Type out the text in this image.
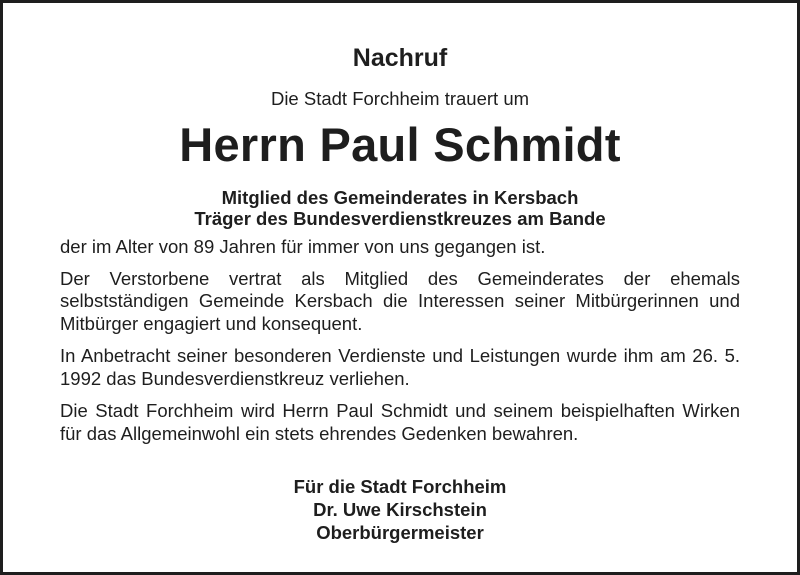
Nachruf
Die Stadt Forchheim trauert um
Herrn Paul Schmidt
Mitglied des Gemeinderates in Kersbach
Träger des Bundesverdienstkreuzes am Bande

der im Alter von 89 Jahren für immer von uns gegangen ist.

Der Verstorbene vertrat als Mitglied des Gemeinderates der ehemals selbstständigen Gemeinde Kersbach die Interessen seiner Mitbürgerinnen und Mitbürger engagiert und konsequent.

In Anbetracht seiner besonderen Verdienste und Leistungen wurde ihm am 26. 5. 1992 das Bundesverdienstkreuz verliehen.

Die Stadt Forchheim wird Herrn Paul Schmidt und seinem beispielhaften Wirken für das Allgemeinwohl ein stets ehrendes Gedenken bewahren.

Für die Stadt Forchheim
Dr. Uwe Kirschstein
Oberbürgermeister
